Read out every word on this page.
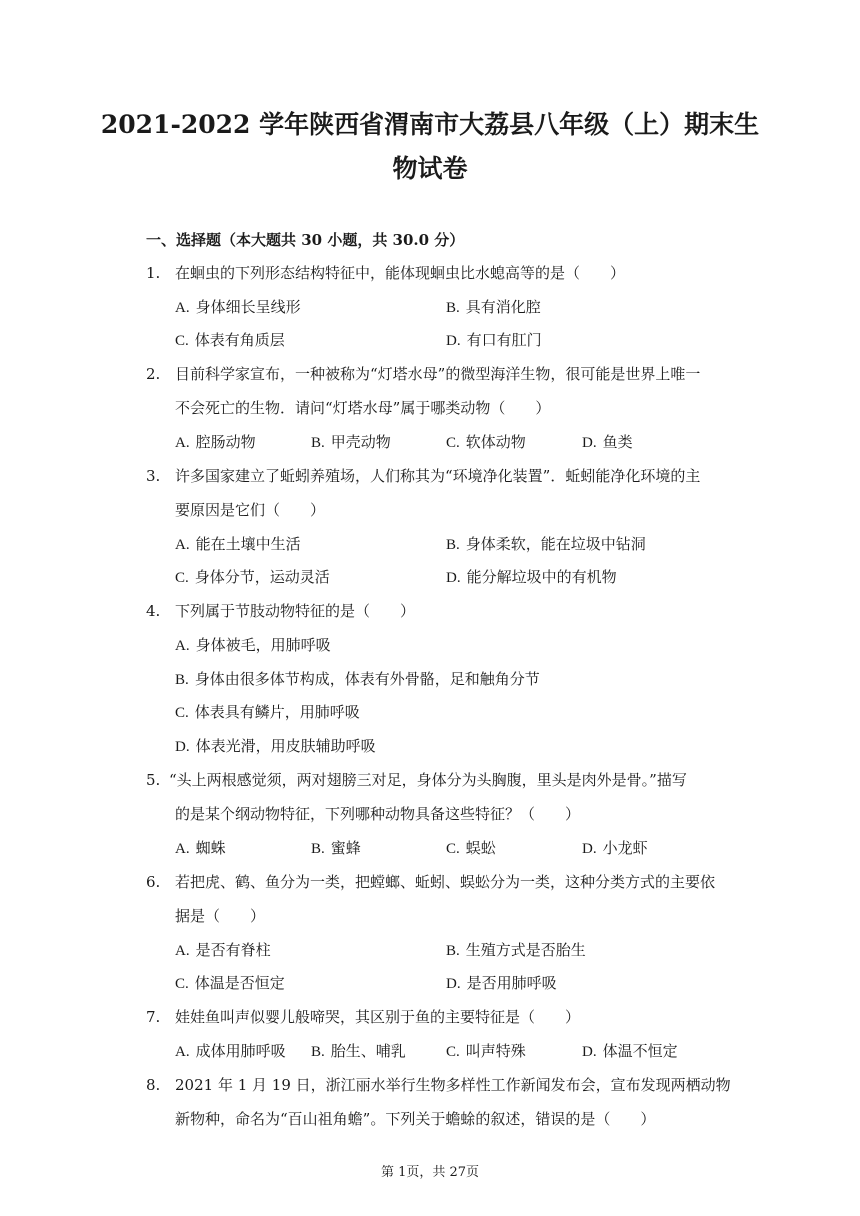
2021-2022 学年陕西省渭南市大荔县八年级（上）期末生
物试卷
一、选择题（本大题共 30 小题，共 30.0 分）
1. 在蛔虫的下列形态结构特征中，能体现蛔虫比水螅高等的是（　　）
A. 身体细长呈线形	B. 具有消化腔
C. 体表有角质层	D. 有口有肛门
2. 目前科学家宣布，一种被称为“灯塔水母”的微型海洋生物，很可能是世界上唯一
不会死亡的生物．请问“灯塔水母”属于哪类动物（　　）
A. 腔肠动物	B. 甲壳动物	C. 软体动物	D. 鱼类
3. 许多国家建立了蚯蚓养殖场，人们称其为“环境净化装置”．蚯蚓能净化环境的主
要原因是它们（　　）
A. 能在土壤中生活	B. 身体柔软，能在垃圾中钻洞
C. 身体分节，运动灵活	D. 能分解垃圾中的有机物
4. 下列属于节肢动物特征的是（　　）
A. 身体被毛，用肺呼吸
B. 身体由很多体节构成，体表有外骨骼，足和触角分节
C. 体表具有鳞片，用肺呼吸
D. 体表光滑，用皮肤辅助呼吸
5. “头上两根感觉须，两对翅膀三对足，身体分为头胸腹，里头是肉外是骨。”描写
的是某个纲动物特征，下列哪种动物具备这些特征？（　　）
A. 蜘蛛	B. 蜜蜂	C. 蜈蚣	D. 小龙虾
6. 若把虎、鹤、鱼分为一类，把螳螂、蚯蚓、蜈蚣分为一类，这种分类方式的主要依
据是（　　）
A. 是否有脊柱	B. 生殖方式是否胎生
C. 体温是否恒定	D. 是否用肺呼吸
7. 娃娃鱼叫声似婴儿般啼哭，其区别于鱼的主要特征是（　　）
A. 成体用肺呼吸 B. 胎生、哺乳	C. 叫声特殊	D. 体温不恒定
8. 2021 年 1 月 19 日，浙江丽水举行生物多样性工作新闻发布会，宣布发现两栖动物
新物种，命名为“百山祖角蟾”。下列关于蟾蜍的叙述，错误的是（　　）
第 1页，共 27页
